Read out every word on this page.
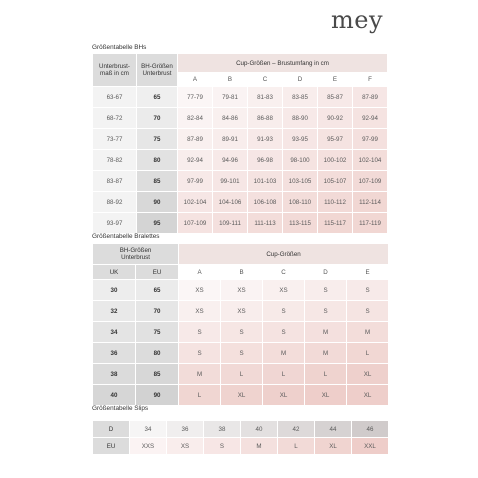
mey
Größentabelle BHs
Unterbrust-
maß in cm	BH-Größen
Unterbrust	Cup-Größen – Brustumfang in cm					
		A	B	C	D	E	F
63-67	65	77-79	79-81	81-83	83-85	85-87	87-89
68-72	70	82-84	84-86	86-88	88-90	90-92	92-94
73-77	75	87-89	89-91	91-93	93-95	95-97	97-99
78-82	80	92-94	94-96	96-98	98-100	100-102	102-104
83-87	85	97-99	99-101	101-103	103-105	105-107	107-109
88-92	90	102-104	104-106	106-108	108-110	110-112	112-114
93-97	95	107-109	109-111	111-113	113-115	115-117	117-119
Größentabelle Bralettes
BH-Größen
Unterbrust		Cup-Größen				
UK	EU	A	B	C	D	E
30	65	XS	XS	XS	S	S
32	70	XS	XS	S	S	S
34	75	S	S	S	M	M
36	80	S	S	M	M	L
38	85	M	L	L	L	XL
40	90	L	XL	XL	XL	XL
Größentabelle Slips
D	34	36	38	40	42	44	46
EU	XXS	XS	S	M	L	XL	XXL
